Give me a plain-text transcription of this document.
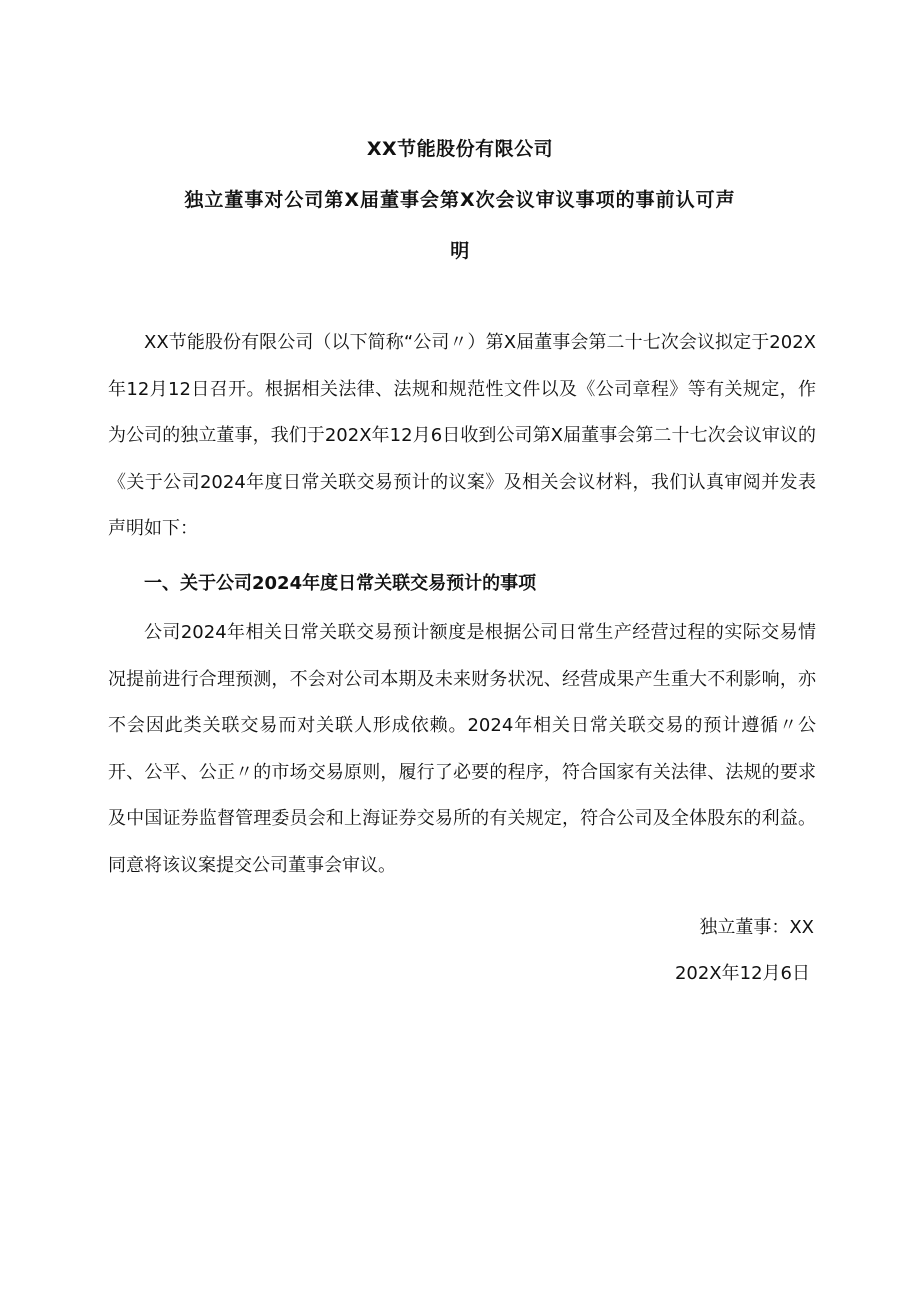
XX节能股份有限公司
独立董事对公司第X届董事会第X次会议审议事项的事前认可声
明

XX节能股份有限公司（以下简称“公司〃）第X届董事会第二十七次会议拟定于202X年12月12日召开。根据相关法律、法规和规范性文件以及《公司章程》等有关规定，作为公司的独立董事，我们于202X年12月6日收到公司第X届董事会第二十七次会议审议的《关于公司2024年度日常关联交易预计的议案》及相关会议材料，我们认真审阅并发表声明如下：

一、关于公司2024年度日常关联交易预计的事项

公司2024年相关日常关联交易预计额度是根据公司日常生产经营过程的实际交易情况提前进行合理预测，不会对公司本期及未来财务状况、经营成果产生重大不利影响，亦不会因此类关联交易而对关联人形成依赖。2024年相关日常关联交易的预计遵循〃公开、公平、公正〃的市场交易原则，履行了必要的程序，符合国家有关法律、法规的要求及中国证券监督管理委员会和上海证券交易所的有关规定，符合公司及全体股东的利益。同意将该议案提交公司董事会审议。

独立董事：XX
202X年12月6日
